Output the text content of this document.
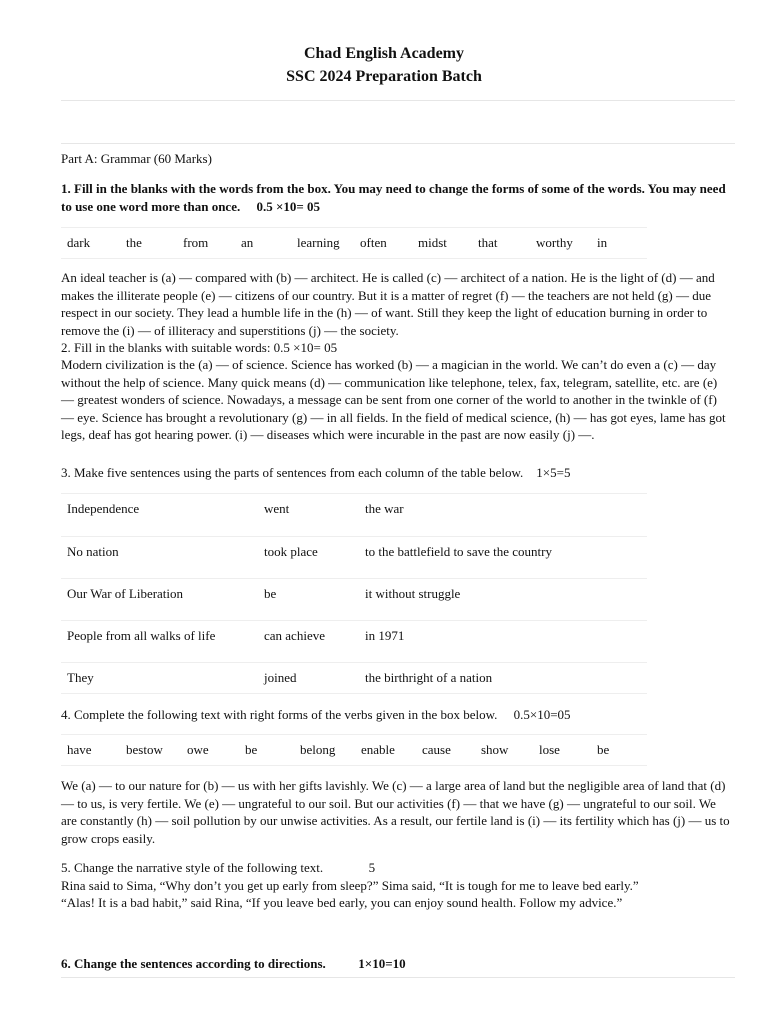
Chad English Academy
SSC 2024 Preparation Batch
Part A: Grammar (60 Marks)
1. Fill in the blanks with the words from the box. You may need to change the forms of some of the words. You may need to use one word more than once.     0.5 ×10= 05
dark	the	from	an	learning often midst that	worthy in
An ideal teacher is (a) — compared with (b) — architect. He is called (c) — architect of a nation. He is the light of (d) — and makes the illiterate people (e) — citizens of our country. But it is a matter of regret (f) — the teachers are not held (g) — due respect in our society. They lead a humble life in the (h) — of want. Still they keep the light of education burning in order to remove the (i) — of illiteracy and superstitions (j) — the society.
2. Fill in the blanks with suitable words: 0.5 ×10= 05
Modern civilization is the (a) — of science. Science has worked (b) — a magician in the world. We can’t do even a (c) — day without the help of science. Many quick means (d) — communication like telephone, telex, fax, telegram, satellite, etc. are (e) — greatest wonders of science. Nowadays, a message can be sent from one corner of the world to another in the twinkle of (f) — eye. Science has brought a revolutionary (g) — in all fields. In the field of medical science, (h) — has got eyes, lame has got legs, deaf has got hearing power. (i) — diseases which were incurable in the past are now easily (j) —.
3. Make five sentences using the parts of sentences from each column of the table below.    1×5=5
Independence	went	the war
No nation	took place	to the battlefield to save the country
Our War of Liberation	be	it without struggle
People from all walks of life	can achieve	in 1971
They	joined	the birthright of a nation
4. Complete the following text with right forms of the verbs given in the box below.     0.5×10=05
have	bestow owe	be	belong enable cause show lose	be
We (a) — to our nature for (b) — us with her gifts lavishly. We (c) — a large area of land but the negligible area of land that (d) — to us, is very fertile. We (e) — ungrateful to our soil. But our activities (f) — that we have (g) — ungrateful to our soil. We are constantly (h) — soil pollution by our unwise activities. As a result, our fertile land is (i) — its fertility which has (j) — us to grow crops easily.
5. Change the narrative style of the following text.              5
Rina said to Sima, “Why don’t you get up early from sleep?” Sima said, “It is tough for me to leave bed early.”
“Alas! It is a bad habit,” said Rina, “If you leave bed early, you can enjoy sound health. Follow my advice.”
6. Change the sentences according to directions.          1×10=10
